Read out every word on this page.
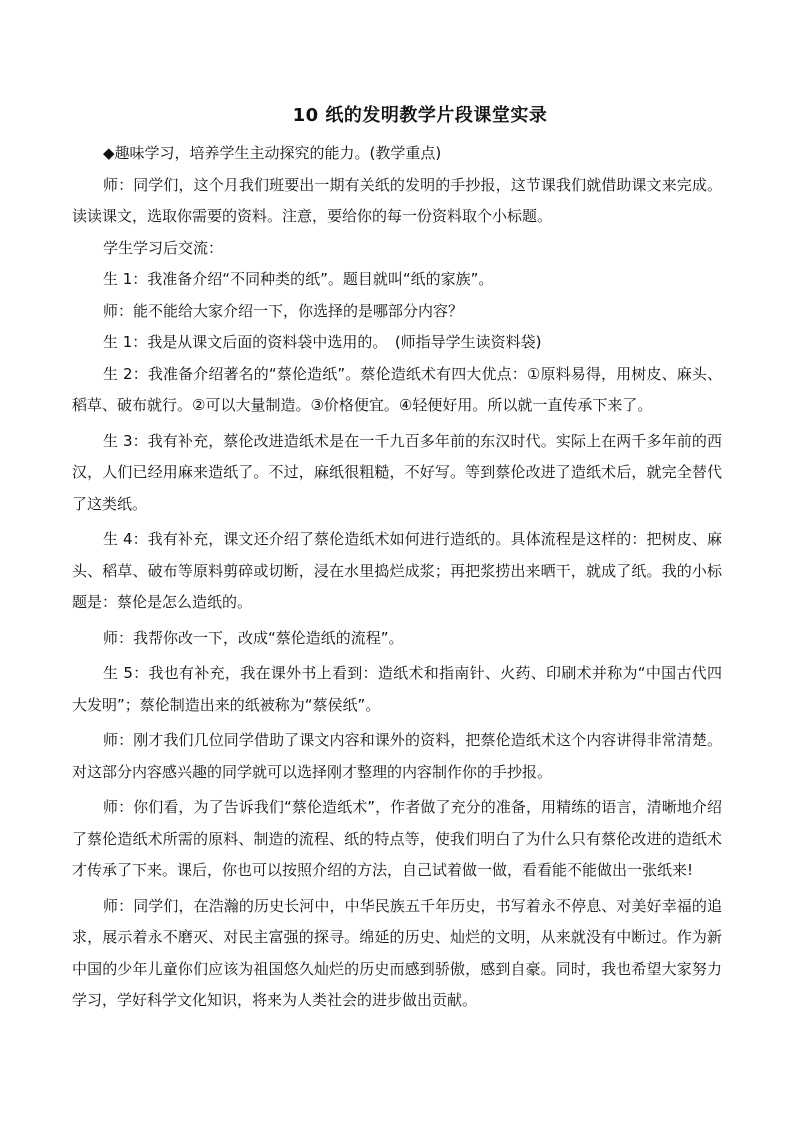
10 纸的发明教学片段课堂实录

◆趣味学习，培养学生主动探究的能力。(教学重点)

师：同学们，这个月我们班要出一期有关纸的发明的手抄报，这节课我们就借助课文来完成。读读课文，选取你需要的资料。注意，要给你的每一份资料取个小标题。

学生学习后交流：

生 1：我准备介绍“不同种类的纸”。题目就叫“纸的家族”。

师：能不能给大家介绍一下，你选择的是哪部分内容？

生 1：我是从课文后面的资料袋中选用的。　(师指导学生读资料袋)

生 2：我准备介绍著名的“蔡伦造纸”。蔡伦造纸术有四大优点：①原料易得，用树皮、麻头、稻草、破布就行。②可以大量制造。③价格便宜。④轻便好用。所以就一直传承下来了。

生 3：我有补充，蔡伦改进造纸术是在一千九百多年前的东汉时代。实际上在两千多年前的西汉，人们已经用麻来造纸了。不过，麻纸很粗糙，不好写。等到蔡伦改进了造纸术后，就完全替代了这类纸。

生 4：我有补充，课文还介绍了蔡伦造纸术如何进行造纸的。具体流程是这样的：把树皮、麻头、稻草、破布等原料剪碎或切断，浸在水里捣烂成浆；再把浆捞出来晒干，就成了纸。我的小标题是：蔡伦是怎么造纸的。

师：我帮你改一下，改成“蔡伦造纸的流程”。

生 5：我也有补充，我在课外书上看到：造纸术和指南针、火药、印刷术并称为“中国古代四大发明”；蔡伦制造出来的纸被称为“蔡侯纸”。

师：刚才我们几位同学借助了课文内容和课外的资料，把蔡伦造纸术这个内容讲得非常清楚。对这部分内容感兴趣的同学就可以选择刚才整理的内容制作你的手抄报。

师：你们看，为了告诉我们“蔡伦造纸术”，作者做了充分的准备，用精练的语言，清晰地介绍了蔡伦造纸术所需的原料、制造的流程、纸的特点等，使我们明白了为什么只有蔡伦改进的造纸术才传承了下来。课后，你也可以按照介绍的方法，自己试着做一做，看看能不能做出一张纸来!

师：同学们，在浩瀚的历史长河中，中华民族五千年历史，书写着永不停息、对美好幸福的追求，展示着永不磨灭、对民主富强的探寻。绵延的历史、灿烂的文明，从来就没有中断过。作为新中国的少年儿童你们应该为祖国悠久灿烂的历史而感到骄傲，感到自豪。同时，我也希望大家努力学习，学好科学文化知识，将来为人类社会的进步做出贡献。
